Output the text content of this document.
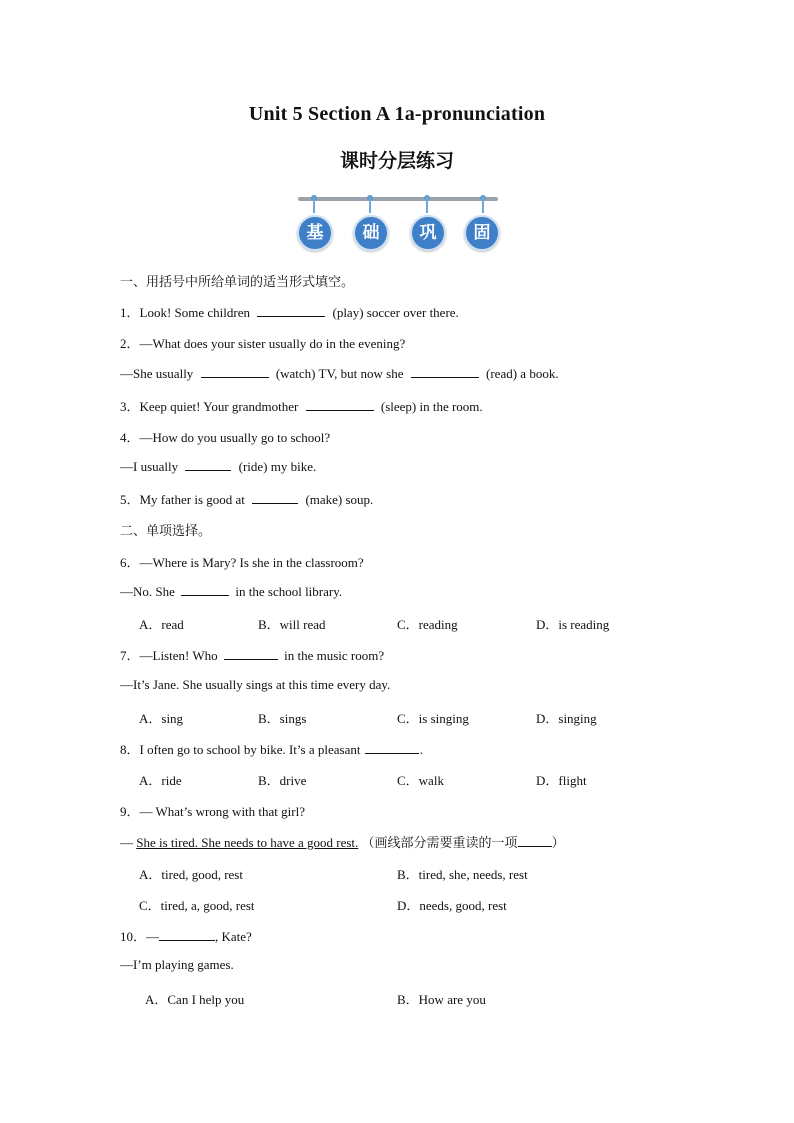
Unit 5 Section A 1a-pronunciation
课时分层练习
基	础	巩	固
一、用括号中所给单词的适当形式填空。
1．Look! Some children	(play) soccer over there.
2．—What does your sister usually do in the evening?
—She usually	(watch) TV, but now she	(read) a book.
3．Keep quiet! Your grandmother	(sleep) in the room.
4．—How do you usually go to school?
—I usually	(ride) my bike.
5．My father is good at	(make) soup.
二、单项选择。
6．—Where is Mary? Is she in the classroom?
—No. She	in the school library.
A．read	B．will read	C．reading	D．is reading
7．—Listen! Who	in the music room?
—It’s Jane. She usually sings at this time every day.
A．sing	B．sings	C．is singing	D．singing
8．I often go to school by bike. It’s a pleasant	.
A．ride	B．drive	C．walk	D．flight
9．— What’s wrong with that girl?
— She is tired. She needs to have a good rest. （画线部分需要重读的一项	）
A．tired, good, rest	B．tired, she, needs, rest
C．tired, a, good, rest	D．needs, good, rest
10．—	, Kate?
—I’m playing games.
A．Can I help you	B．How are you
